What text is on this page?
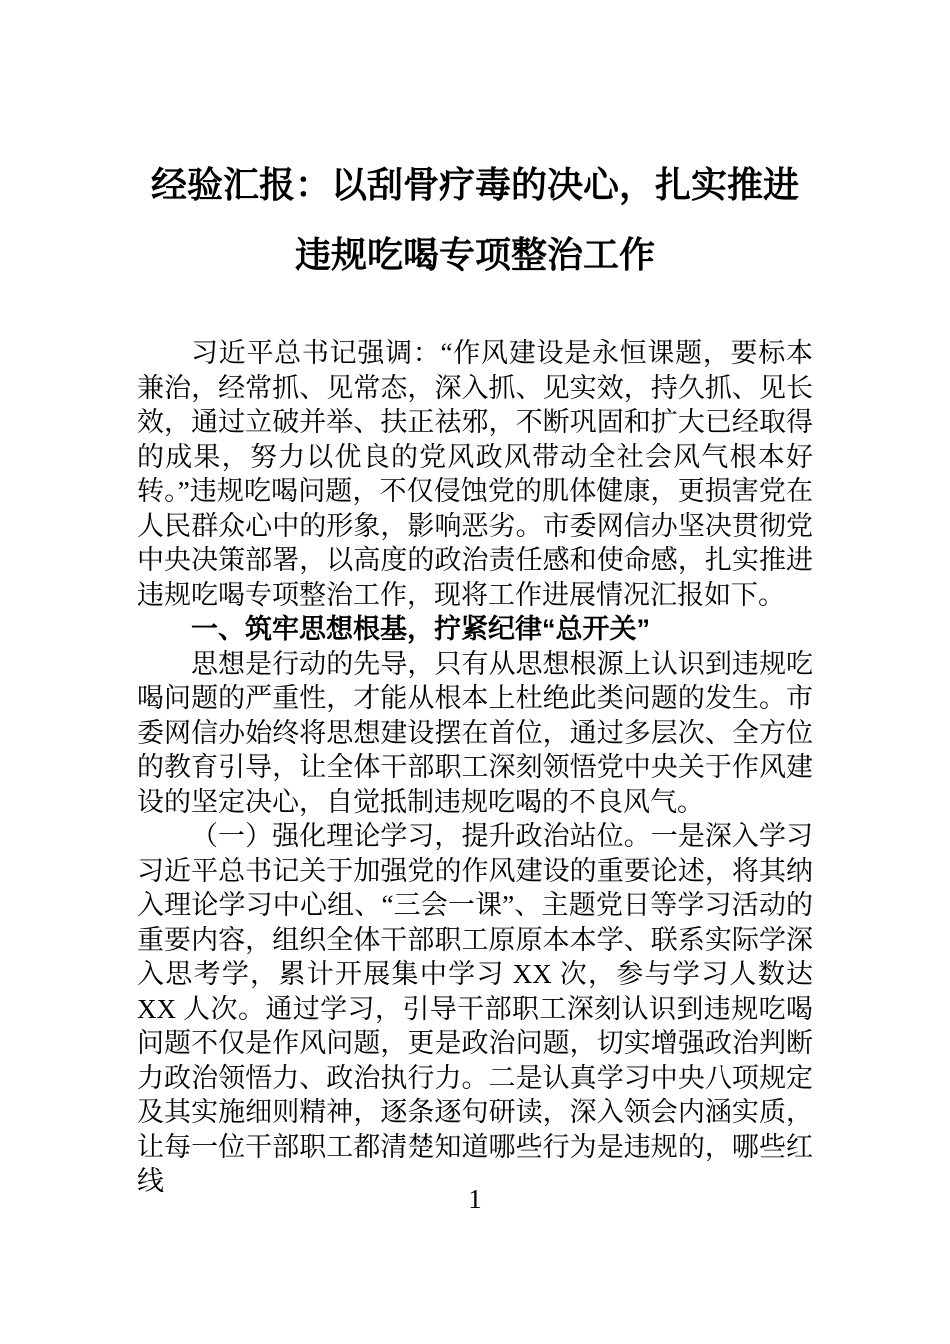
经验汇报：以刮骨疗毒的决心，扎实推进
违规吃喝专项整治工作

习近平总书记强调：“作风建设是永恒课题，要标本兼治，经常抓、见常态，深入抓、见实效，持久抓、见长效，通过立破并举、扶正祛邪，不断巩固和扩大已经取得的成果，努力以优良的党风政风带动全社会风气根本好转。”违规吃喝问题，不仅侵蚀党的肌体健康，更损害党在人民群众心中的形象，影响恶劣。市委网信办坚决贯彻党中央决策部署，以高度的政治责任感和使命感，扎实推进违规吃喝专项整治工作，现将工作进展情况汇报如下。

一、筑牢思想根基，拧紧纪律“总开关”

思想是行动的先导，只有从思想根源上认识到违规吃喝问题的严重性，才能从根本上杜绝此类问题的发生。市委网信办始终将思想建设摆在首位，通过多层次、全方位的教育引导，让全体干部职工深刻领悟党中央关于作风建设的坚定决心，自觉抵制违规吃喝的不良风气。

（一）强化理论学习，提升政治站位。一是深入学习习近平总书记关于加强党的作风建设的重要论述，将其纳入理论学习中心组、“三会一课”、主题党日等学习活动的重要内容，组织全体干部职工原原本本学、联系实际学深入思考学，累计开展集中学习 XX 次，参与学习人数达 XX 人次。通过学习，引导干部职工深刻认识到违规吃喝问题不仅是作风问题，更是政治问题，切实增强政治判断力政治领悟力、政治执行力。二是认真学习中央八项规定及其实施细则精神，逐条逐句研读，深入领会内涵实质，让每一位干部职工都清楚知道哪些行为是违规的，哪些红线

1
